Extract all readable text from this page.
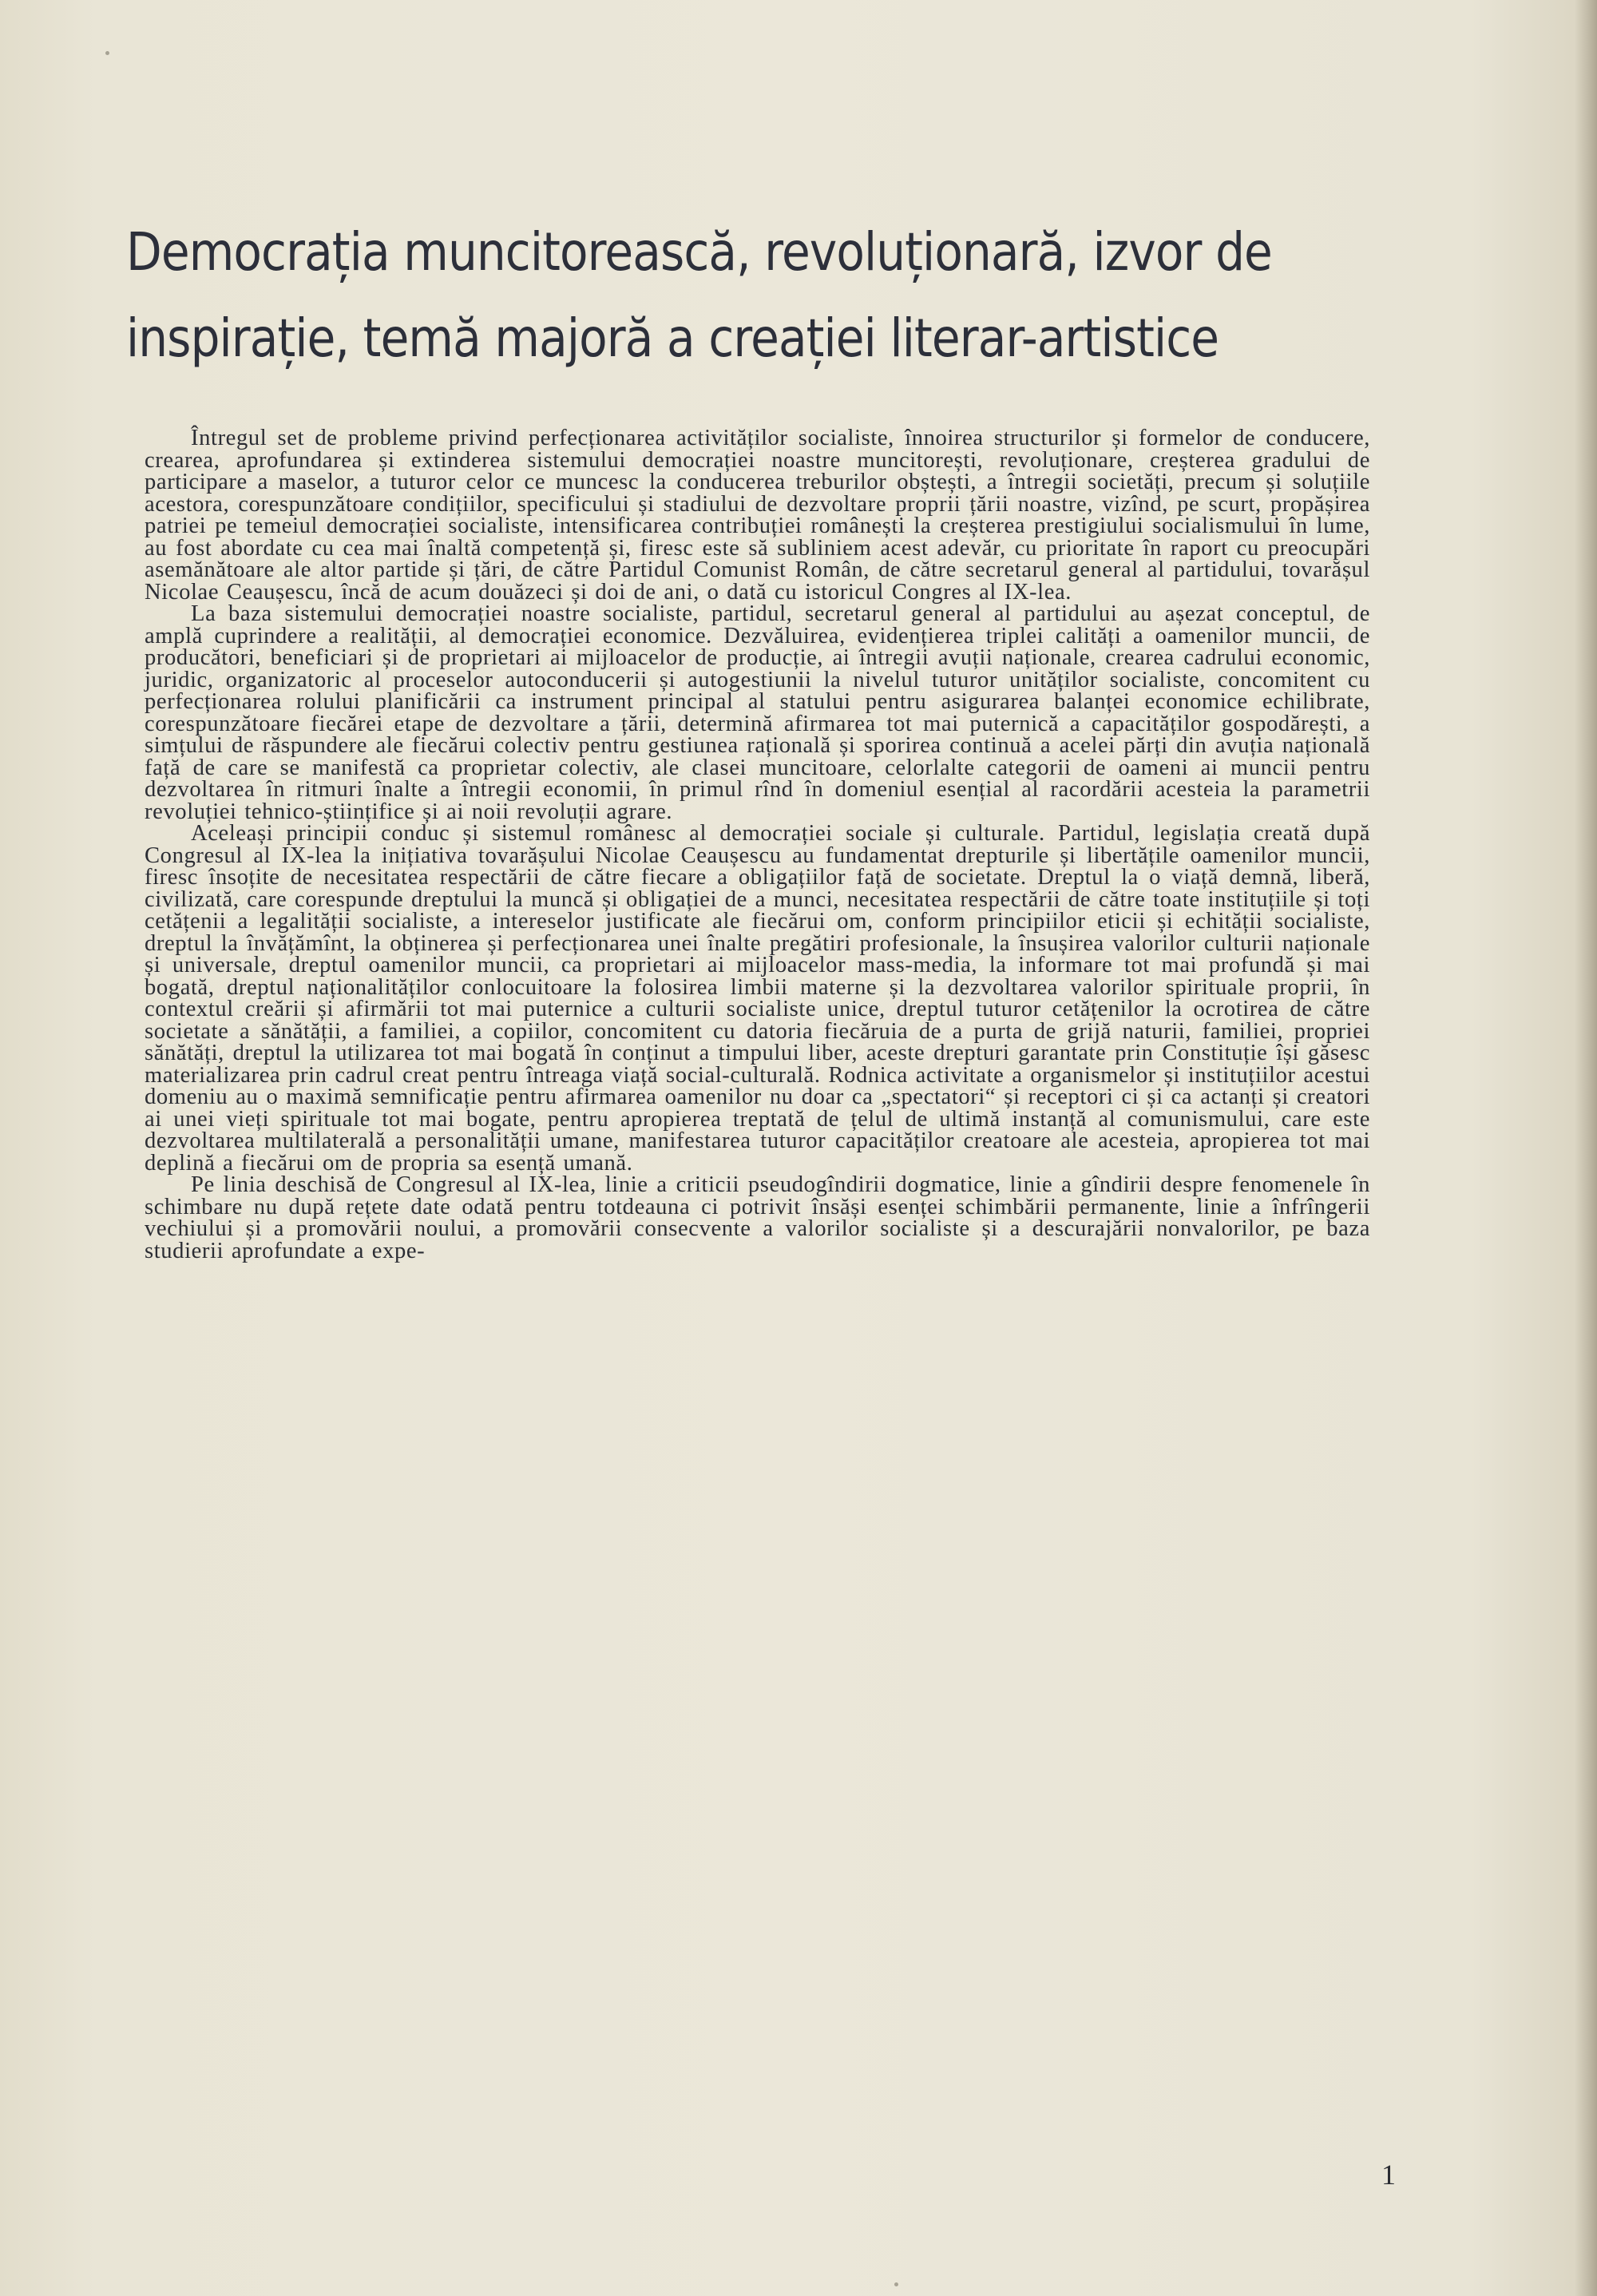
Democrația muncitorească, revoluționară, izvor de
inspirație, temă majoră a creației literar-artistice

Întregul set de probleme privind perfecționarea activităților socialiste, înnoirea structurilor și formelor de conducere, crearea, aprofundarea și extinderea sistemului democrației noastre muncitorești, revoluționare, creșterea gradului de participare a maselor, a tuturor celor ce muncesc la conducerea treburilor obștești, a întregii societăți, precum și soluțiile acestora, corespunzătoare condițiilor, specificului și stadiului de dezvoltare proprii țării noastre, vizînd, pe scurt, propășirea patriei pe temeiul democrației socialiste, intensificarea contribuției românești la creșterea prestigiului socialismului în lume, au fost abordate cu cea mai înaltă competență și, firesc este să subliniem acest adevăr, cu prioritate în raport cu preocupări asemănătoare ale altor partide și țări, de către Partidul Comunist Român, de către secretarul general al partidului, tovarășul Nicolae Ceaușescu, încă de acum douăzeci și doi de ani, o dată cu istoricul Congres al IX-lea.

La baza sistemului democrației noastre socialiste, partidul, secretarul general al partidului au așezat conceptul, de amplă cuprindere a realității, al democrației economice. Dezvăluirea, evidențierea triplei calități a oamenilor muncii, de producători, beneficiari și de proprietari ai mijloacelor de producție, ai întregii avuții naționale, crearea cadrului economic, juridic, organizatoric al proceselor autoconducerii și autogestiunii la nivelul tuturor unităților socialiste, concomitent cu perfecționarea rolului planificării ca instrument principal al statului pentru asigurarea balanței economice echilibrate, corespunzătoare fiecărei etape de dezvoltare a țării, determină afirmarea tot mai puternică a capacităților gospodărești, a simțului de răspundere ale fiecărui colectiv pentru gestiunea rațională și sporirea continuă a acelei părți din avuția națională față de care se manifestă ca proprietar colectiv, ale clasei muncitoare, celorlalte categorii de oameni ai muncii pentru dezvoltarea în ritmuri înalte a întregii economii, în primul rînd în domeniul esențial al racordării acesteia la parametrii revoluției tehnico-științifice și ai noii revoluții agrare.

Aceleași principii conduc și sistemul românesc al democrației sociale și culturale. Partidul, legislația creată după Congresul al IX-lea la inițiativa tovarășului Nicolae Ceaușescu au fundamentat drepturile și libertățile oamenilor muncii, firesc însoțite de necesitatea respectării de către fiecare a obligațiilor față de societate. Dreptul la o viață demnă, liberă, civilizată, care corespunde dreptului la muncă și obligației de a munci, necesitatea respectării de către toate instituțiile și toți cetățenii a legalității socialiste, a intereselor justificate ale fiecărui om, conform principiilor eticii și echității socialiste, dreptul la învățămînt, la obținerea și perfecționarea unei înalte pregătiri profesionale, la însușirea valorilor culturii naționale și universale, dreptul oamenilor muncii, ca proprietari ai mijloacelor mass-media, la informare tot mai profundă și mai bogată, dreptul naționalităților conlocuitoare la folosirea limbii materne și la dezvoltarea valorilor spirituale proprii, în contextul creării și afirmării tot mai puternice a culturii socialiste unice, dreptul tuturor cetățenilor la ocrotirea de către societate a sănătății, a familiei, a copiilor, concomitent cu datoria fiecăruia de a purta de grijă naturii, familiei, propriei sănătăți, dreptul la utilizarea tot mai bogată în conținut a timpului liber, aceste drepturi garantate prin Constituție își găsesc materializarea prin cadrul creat pentru întreaga viață social-culturală. Rodnica activitate a organismelor și instituțiilor acestui domeniu au o maximă semnificație pentru afirmarea oamenilor nu doar ca „spectatori“ și receptori ci și ca actanți și creatori ai unei vieți spirituale tot mai bogate, pentru apropierea treptată de țelul de ultimă instanță al comunismului, care este dezvoltarea multilaterală a personalității umane, manifestarea tuturor capacităților creatoare ale acesteia, apropierea tot mai deplină a fiecărui om de propria sa esență umană.

Pe linia deschisă de Congresul al IX-lea, linie a criticii pseudogîndirii dogmatice, linie a gîndirii despre fenomenele în schimbare nu după rețete date odată pentru totdeauna ci potrivit însăși esenței schimbării permanente, linie a înfrîngerii vechiului și a promovării noului, a promovării consecvente a valorilor socialiste și a descurajării nonvalorilor, pe baza studierii aprofundate a expe-

1
